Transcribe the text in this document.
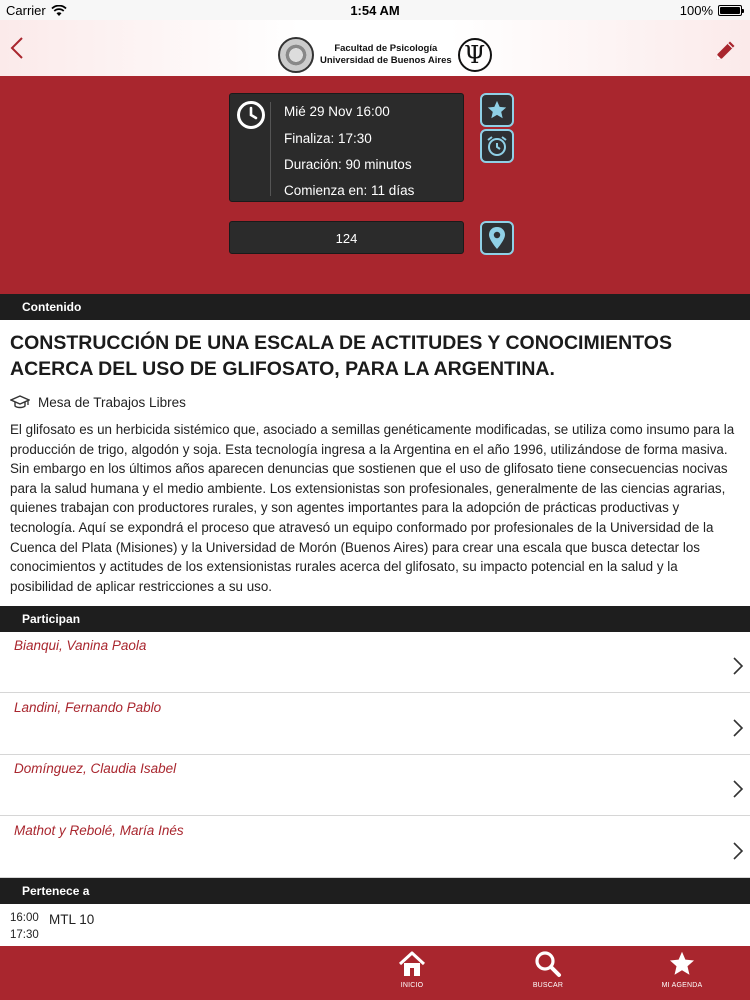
Carrier	1:54 AM	100%
Facultad de Psicología
Universidad de Buenos Aires Ψ
Mié 29 Nov 16:00
Finaliza: 17:30
Duración: 90 minutos
Comienza en: 11 días
124
Contenido
CONSTRUCCIÓN DE UNA ESCALA DE ACTITUDES Y CONOCIMIENTOS ACERCA DEL USO DE GLIFOSATO, PARA LA ARGENTINA.
Mesa de Trabajos Libres
El glifosato es un herbicida sistémico que, asociado a semillas genéticamente modificadas, se utiliza como insumo para la producción de trigo, algodón y soja. Esta tecnología ingresa a la Argentina en el año 1996, utilizándose de forma masiva. Sin embargo en los últimos años aparecen denuncias que sostienen que el uso de glifosato tiene consecuencias nocivas para la salud humana y el medio ambiente. Los extensionistas son profesionales, generalmente de las ciencias agrarias, quienes trabajan con productores rurales, y son agentes importantes para la adopción de prácticas productivas y tecnología. Aquí se expondrá el proceso que atravesó un equipo conformado por profesionales de la Universidad de la Cuenca del Plata (Misiones) y la Universidad de Morón (Buenos Aires) para crear una escala que busca detectar los conocimientos y actitudes de los extensionistas rurales acerca del glifosato, su impacto potencial en la salud y la posibilidad de aplicar restricciones a su uso.
Participan
Bianqui, Vanina Paola
Landini, Fernando Pablo
Domínguez, Claudia Isabel
Mathot y Rebolé, María Inés
Pertenece a
16:00
17:30
MTL 10
INICIO	BUSCAR	MI AGENDA
